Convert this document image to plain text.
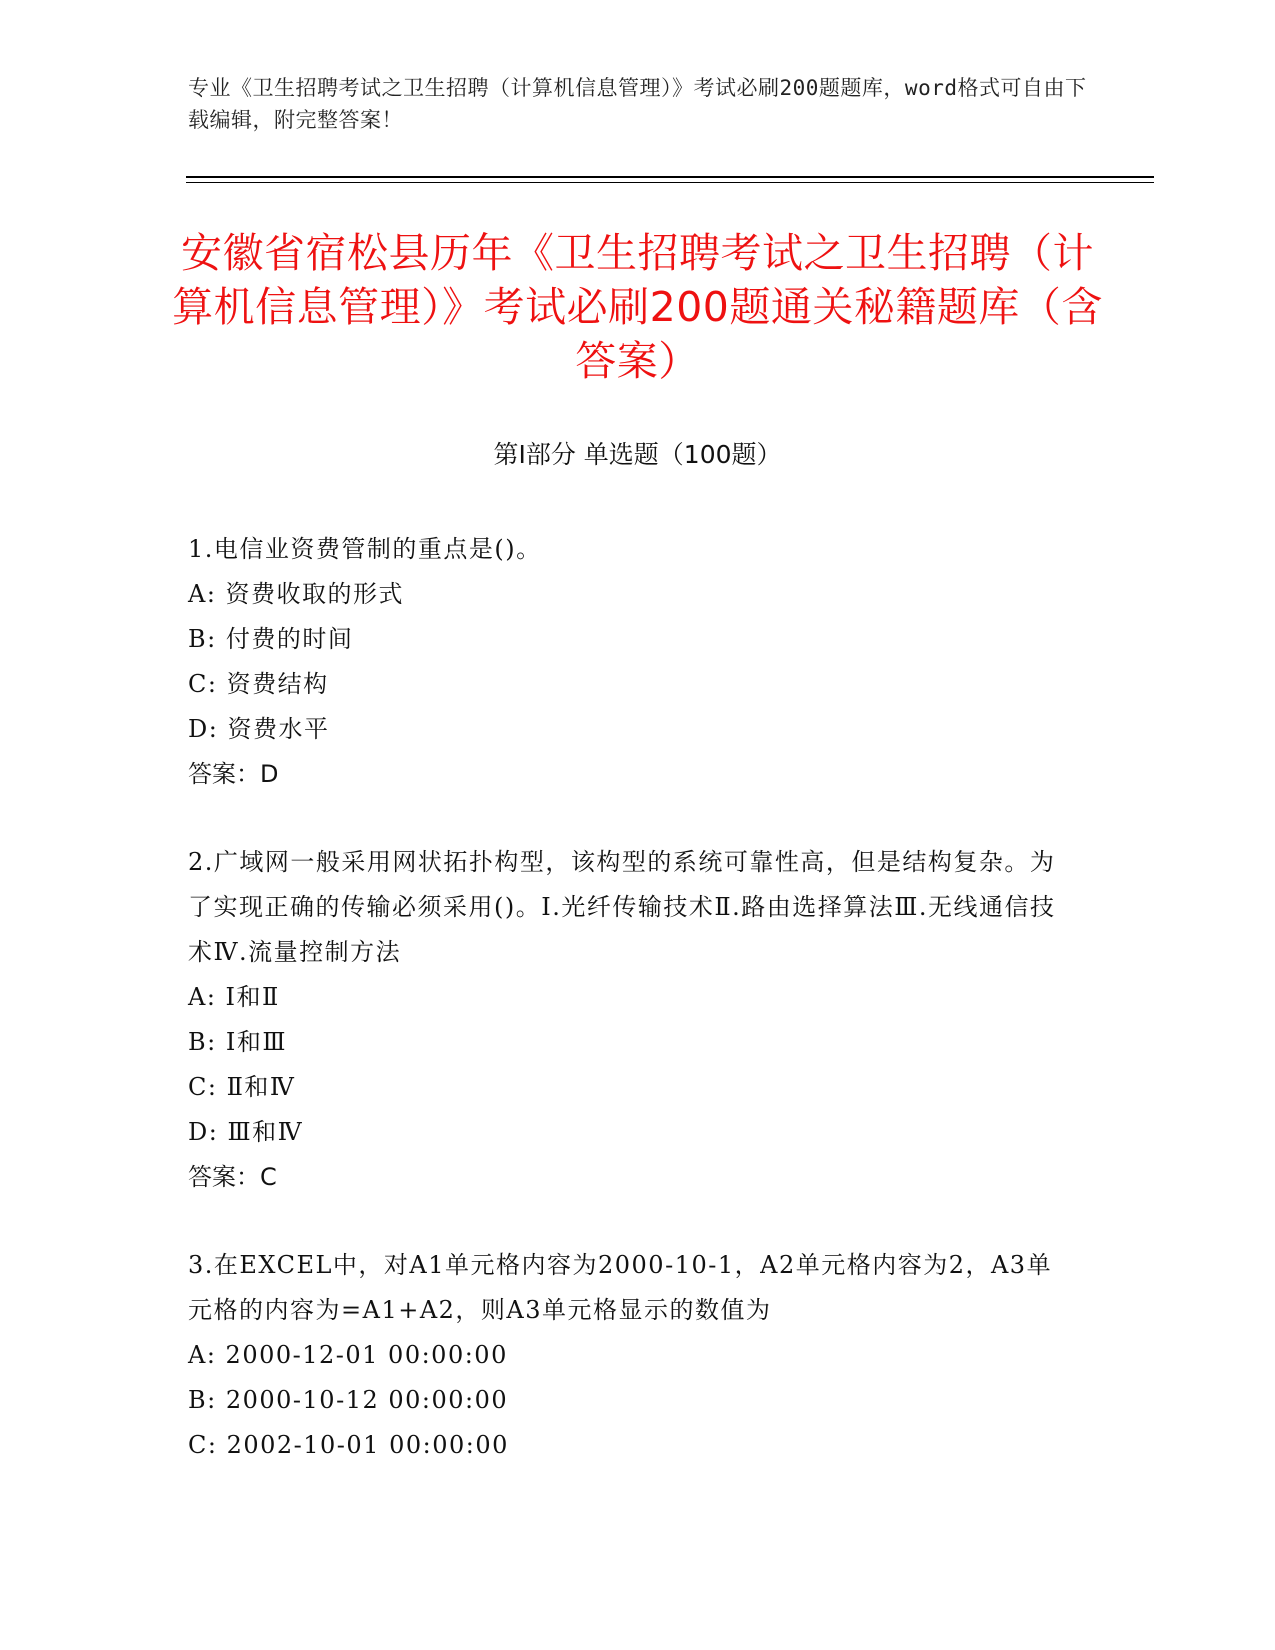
专业《卫生招聘考试之卫生招聘（计算机信息管理）》考试必刷200题题库，word格式可自由下载编辑，附完整答案！
安徽省宿松县历年《卫生招聘考试之卫生招聘（计算机信息管理）》考试必刷200题通关秘籍题库（含答案）
第Ⅰ部分 单选题（100题）
1.电信业资费管制的重点是()。
A: 资费收取的形式
B: 付费的时间
C: 资费结构
D: 资费水平
答案：D
2.广域网一般采用网状拓扑构型，该构型的系统可靠性高，但是结构复杂。为了实现正确的传输必须采用()。Ⅰ.光纤传输技术Ⅱ.路由选择算法Ⅲ.无线通信技术Ⅳ.流量控制方法
A: Ⅰ和Ⅱ
B: Ⅰ和Ⅲ
C: Ⅱ和Ⅳ
D: Ⅲ和Ⅳ
答案：C
3.在EXCEL中，对A1单元格内容为2000-10-1，A2单元格内容为2，A3单元格的内容为=A1+A2，则A3单元格显示的数值为
A: 2000-12-01 00:00:00
B: 2000-10-12 00:00:00
C: 2002-10-01 00:00:00
